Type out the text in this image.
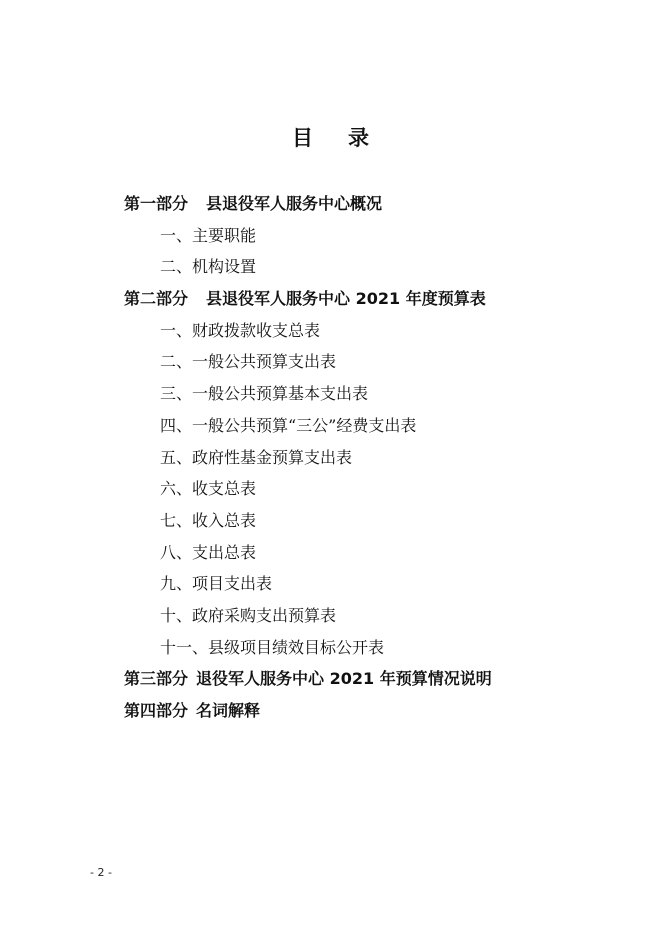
目 录
第一部分 县退役军人服务中心概况
一、主要职能
二、机构设置
第二部分 县退役军人服务中心 2021 年度预算表
一、财政拨款收支总表
二、一般公共预算支出表
三、一般公共预算基本支出表
四、一般公共预算“三公”经费支出表
五、政府性基金预算支出表
六、收支总表
七、收入总表
八、支出总表
九、项目支出表
十、政府采购支出预算表
十一、县级项目绩效目标公开表
第三部分 退役军人服务中心 2021 年预算情况说明
第四部分 名词解释
- 2 -
